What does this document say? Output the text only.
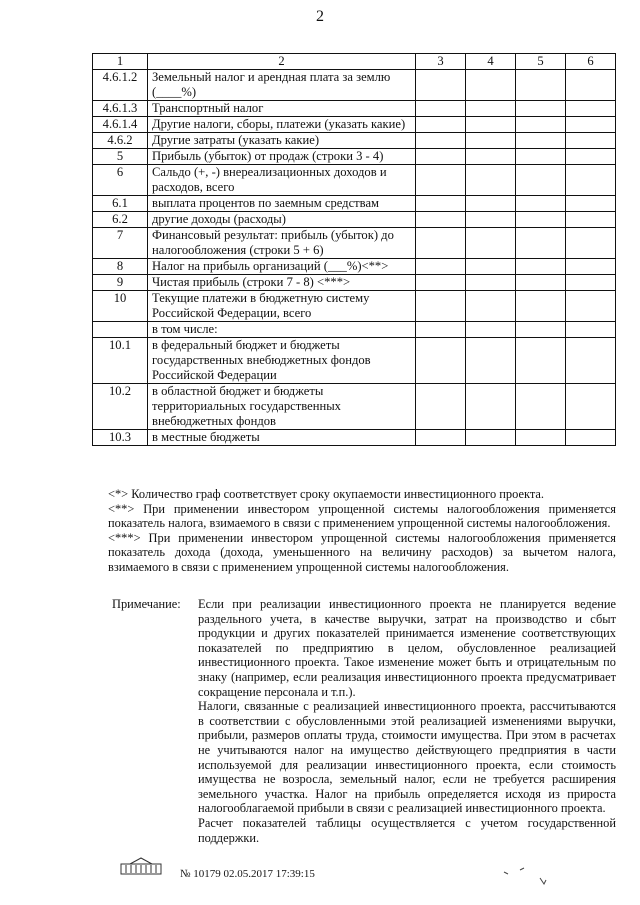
2
1	2	3	4	5	6
4.6.1.2	Земельный налог и арендная плата за землю
(____%)				

4.6.1.3	Транспортный налог				

4.6.1.4	Другие налоги, сборы, платежи (указать какие)				

4.6.2	Другие затраты (указать какие)				

5	Прибыль (убыток) от продаж (строки 3 - 4)				

6	Сальдо (+, -) внереализационных доходов и
расходов, всего				

6.1	выплата процентов по заемным средствам				

6.2	другие доходы (расходы)				

7	Финансовый результат: прибыль (убыток) до
налогообложения (строки 5 + 6)				

8	Налог на прибыль организаций (___%)<**>				

9	Чистая прибыль (строки 7 - 8) <***>				

10	Текущие платежи в бюджетную систему
Российской Федерации, всего				

	в том числе:				

10.1	в федеральный бюджет и бюджеты
государственных внебюджетных фондов
Российской Федерации				

10.2	в областной бюджет и бюджеты
территориальных государственных
внебюджетных фондов				

10.3	в местные бюджеты				

<*> Количество граф соответствует сроку окупаемости инвестиционного проекта.

<**> При применении инвестором упрощенной системы налогообложения применяется показатель налога, взимаемого в связи с применением упрощенной системы налогообложения.

<***> При применении инвестором упрощенной системы налогообложения применяется показатель дохода (дохода, уменьшенного на величину расходов) за вычетом налога, взимаемого в связи с применением упрощенной системы налогообложения.

Примечание: Если при реализации инвестиционного проекта не планируется ведение раздельного учета, в качестве выручки, затрат на производство и сбыт продукции и других показателей принимается изменение соответствующих показателей по предприятию в целом, обусловленное реализацией инвестиционного проекта. Такое изменение может быть и отрицательным по знаку (например, если реализация инвестиционного проекта предусматривает сокращение персонала и т.п.).

Налоги, связанные с реализацией инвестиционного проекта, рассчитываются в соответствии с обусловленными этой реализацией изменениями выручки, прибыли, размеров оплаты труда, стоимости имущества. При этом в расчетах не учитываются налог на имущество действующего предприятия в части используемой для реализации инвестиционного проекта, если стоимость имущества не возросла, земельный налог, если не требуется расширения земельного участка. Налог на прибыль определяется исходя из прироста налогооблагаемой прибыли в связи с реализацией инвестиционного проекта.

Расчет показателей таблицы осуществляется с учетом государственной поддержки.

№ 10179 02.05.2017 17:39:15
